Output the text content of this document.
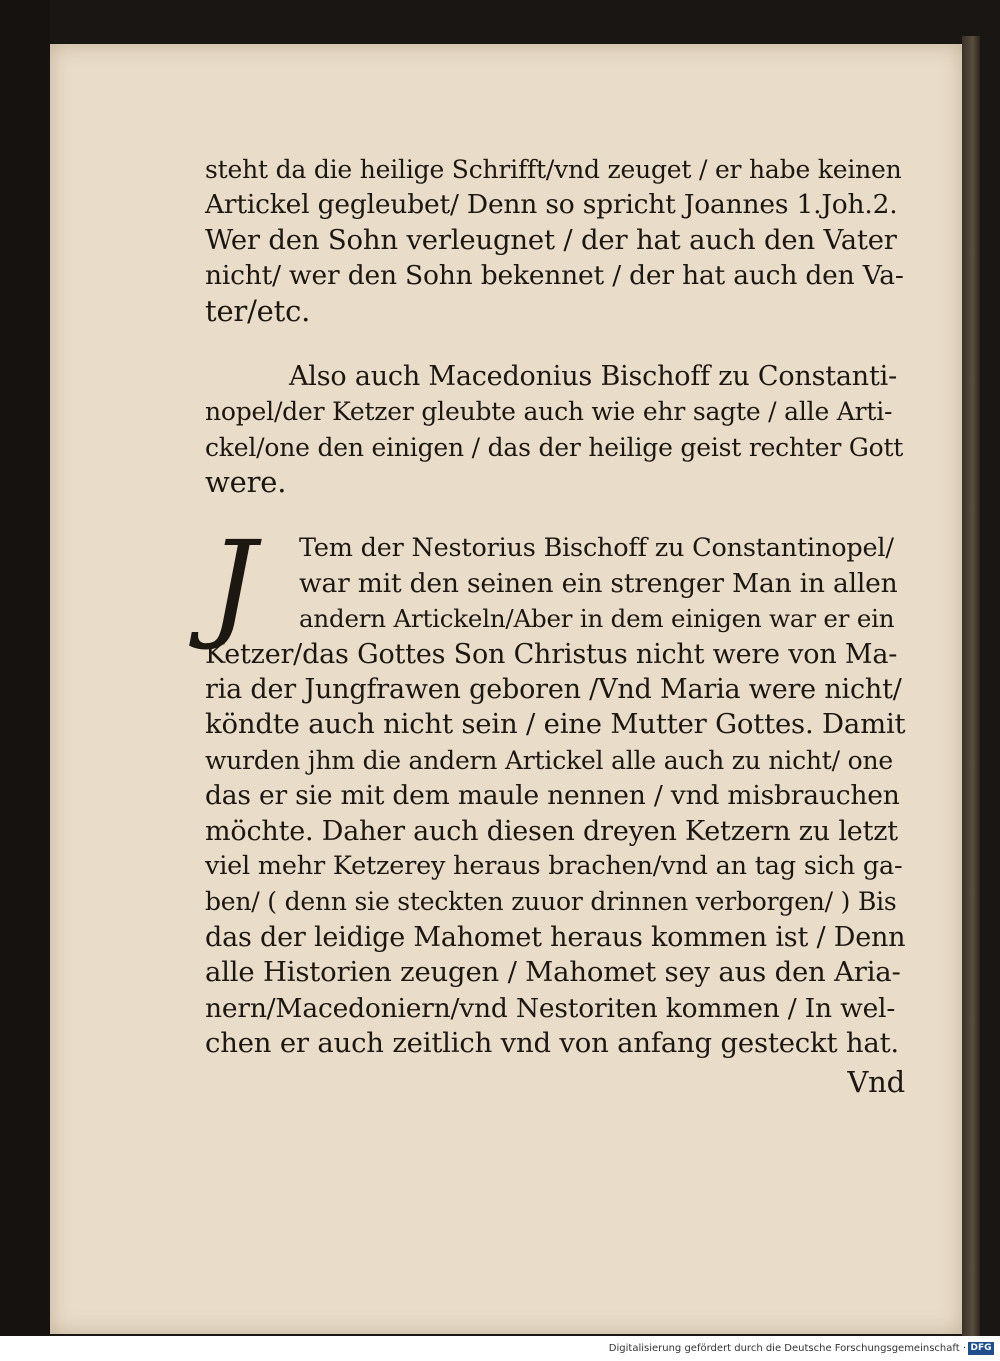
steht da die heilige Schrifft/vnd zeuget / er habe keinen
Artickel gegleubet/ Denn so spricht Joannes 1.Joh.2.
Wer den Sohn verleugnet / der hat auch den Vater
nicht/ wer den Sohn bekennet / der hat auch den Va-
ter/etc.
Also auch Macedonius Bischoff zu Constanti-
nopel/der Ketzer gleubte auch wie ehr sagte / alle Arti-
ckel/one den einigen / das der heilige geist rechter Gott
were.
J	Tem der Nestorius Bischoff zu Constantinopel/
war mit den seinen ein strenger Man in allen
andern Artickeln/Aber in dem einigen war er ein
Ketzer/das Gottes Son Christus nicht were von Ma-
ria der Jungfrawen geboren /Vnd Maria were nicht/
köndte auch nicht sein / eine Mutter Gottes. Damit
wurden jhm die andern Artickel alle auch zu nicht/ one
das er sie mit dem maule nennen / vnd misbrauchen
möchte. Daher auch diesen dreyen Ketzern zu letzt
viel mehr Ketzerey heraus brachen/vnd an tag sich ga-
ben/ ( denn sie steckten zuuor drinnen verborgen/ ) Bis
das der leidige Mahomet heraus kommen ist / Denn
alle Historien zeugen / Mahomet sey aus den Aria-
nern/Macedoniern/vnd Nestoriten kommen / In wel-
chen er auch zeitlich vnd von anfang gesteckt hat.
Vnd
Digitalisierung gefördert durch die Deutsche Forschungsgemeinschaft · DFG
